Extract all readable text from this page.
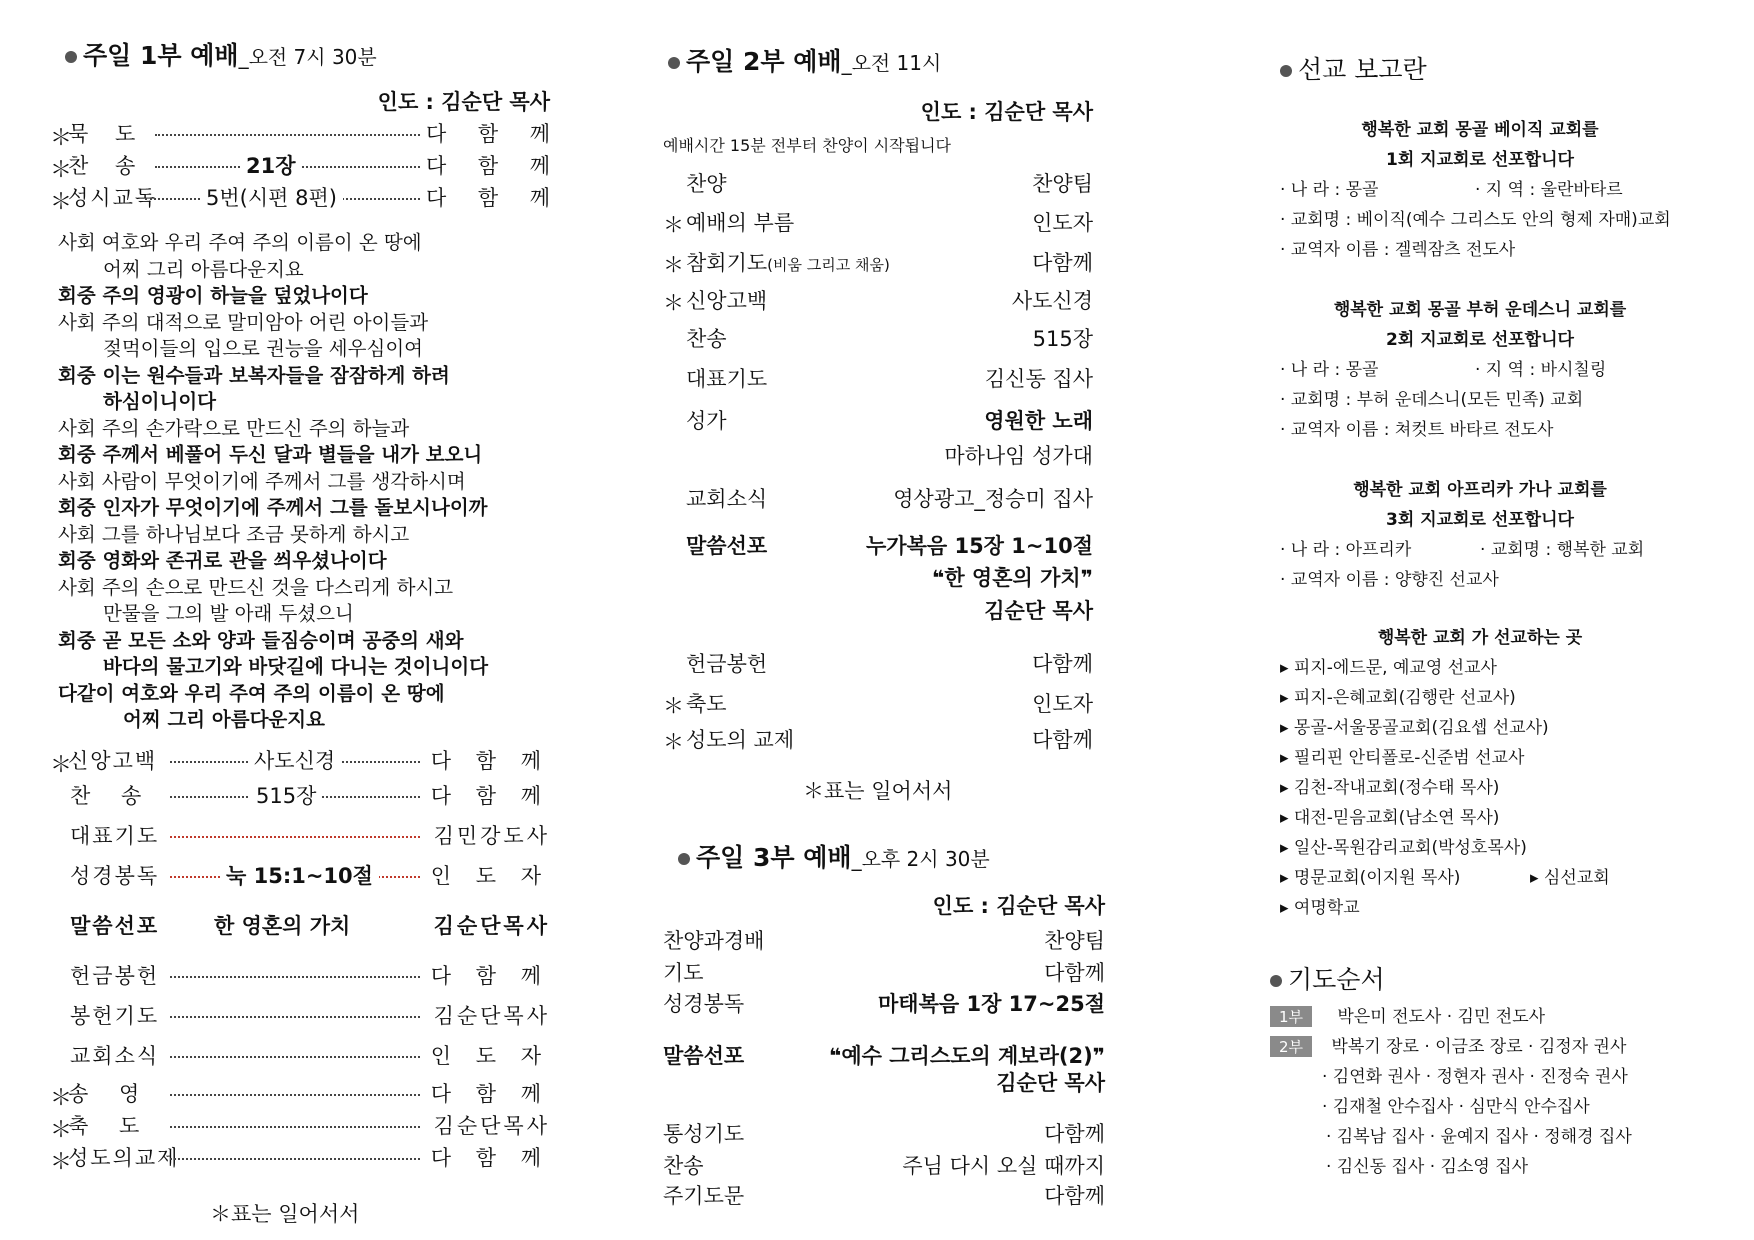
주일 1부 예배_오전 7시 30분
인도 : 김순단 목사
＊
묵 도	다 함 께
＊
찬 송	21장	다 함 께
＊
성시교독 5번(시편 8편)	다 함 께
사회 여호와 우리 주여 주의 이름이 온 땅에
어찌 그리 아름다운지요
회중 주의 영광이 하늘을 덮었나이다
사회 주의 대적으로 말미암아 어린 아이들과
젖먹이들의 입으로 권능을 세우심이여
회중 이는 원수들과 보복자들을 잠잠하게 하려
하심이니이다
사회 주의 손가락으로 만드신 주의 하늘과
회중 주께서 베풀어 두신 달과 별들을 내가 보오니
사회 사람이 무엇이기에 주께서 그를 생각하시며
회중 인자가 무엇이기에 주께서 그를 돌보시나이까
사회 그를 하나님보다 조금 못하게 하시고
회중 영화와 존귀로 관을 씌우셨나이다
사회 주의 손으로 만드신 것을 다스리게 하시고
만물을 그의 발 아래 두셨으니
회중 곧 모든 소와 양과 들짐승이며 공중의 새와
바다의 물고기와 바닷길에 다니는 것이니이다
다같이 여호와 우리 주여 주의 이름이 온 땅에
어찌 그리 아름다운지요
＊
신앙고백	사도신경	다 함 께
찬 송	515장	다 함 께
대표기도	김민강도사
성경봉독	눅 15:1~10절	인 도 자
말씀선포	한 영혼의 가치	김순단목사
헌금봉헌	다 함 께
봉헌기도	김순단목사
교회소식	인 도 자
＊
송 영	다 함 께
＊
축 도	김순단목사
＊
성도의교제	다 함 께
＊표는 일어서서
주일 2부 예배_오전 11시
인도 : 김순단 목사
예배시간 15분 전부터 찬양이 시작됩니다
찬양	찬양팀
＊ 예배의 부름	인도자
＊ 참회기도(비움 그리고 채움)	다함께
＊ 신앙고백	사도신경
찬송	515장
대표기도	김신동 집사
성가	영원한 노래
마하나임 성가대
교회소식	영상광고_정승미 집사
말씀선포	누가복음 15장 1~10절
❝한 영혼의 가치❞
김순단 목사
헌금봉헌	다함께
＊ 축도	인도자
＊ 성도의 교제	다함께
＊표는 일어서서
주일 3부 예배_오후 2시 30분
인도 : 김순단 목사
찬양과경배	찬양팀
기도	다함께
성경봉독	마태복음 1장 17~25절
말씀선포	❝예수 그리스도의 계보라(2)❞
김순단 목사
통성기도	다함께
찬송	주님 다시 오실 때까지
주기도문	다함께
선교 보고란
행복한 교회 몽골 베이직 교회를
1회 지교회로 선포합니다
· 나 라 : 몽골	· 지 역 : 울란바타르
· 교회명 : 베이직(예수 그리스도 안의 형제 자매)교회
· 교역자 이름 : 겔렉잠츠 전도사
행복한 교회 몽골 부허 운데스니 교회를
2회 지교회로 선포합니다
· 나 라 : 몽골	· 지 역 : 바시칠링
· 교회명 : 부허 운데스니(모든 민족) 교회
· 교역자 이름 : 쳐컷트 바타르 전도사
행복한 교회 아프리카 가나 교회를
3회 지교회로 선포합니다
· 나 라 : 아프리카	· 교회명 : 행복한 교회
· 교역자 이름 : 양향진 선교사
행복한 교회 가 선교하는 곳
▸ 피지-에드문, 예교영 선교사
▸ 피지-은혜교회(김행란 선교사)
▸ 몽골-서울몽골교회(김요셉 선교사)
▸ 필리핀 안티폴로-신준범 선교사
▸ 김천-작내교회(정수태 목사)
▸ 대전-믿음교회(남소연 목사)
▸ 일산-목원감리교회(박성호목사)
▸ 명문교회(이지원 목사)
▸ 여명학교
▸ 심선교회
기도순서
1부 박은미 전도사 · 김민 전도사
2부 박복기 장로 · 이금조 장로 · 김정자 권사
· 김연화 권사 · 정현자 권사 · 진정숙 권사
· 김재철 안수집사 · 심만식 안수집사
· 김복남 집사 · 윤예지 집사 · 정해경 집사
· 김신동 집사 · 김소영 집사
